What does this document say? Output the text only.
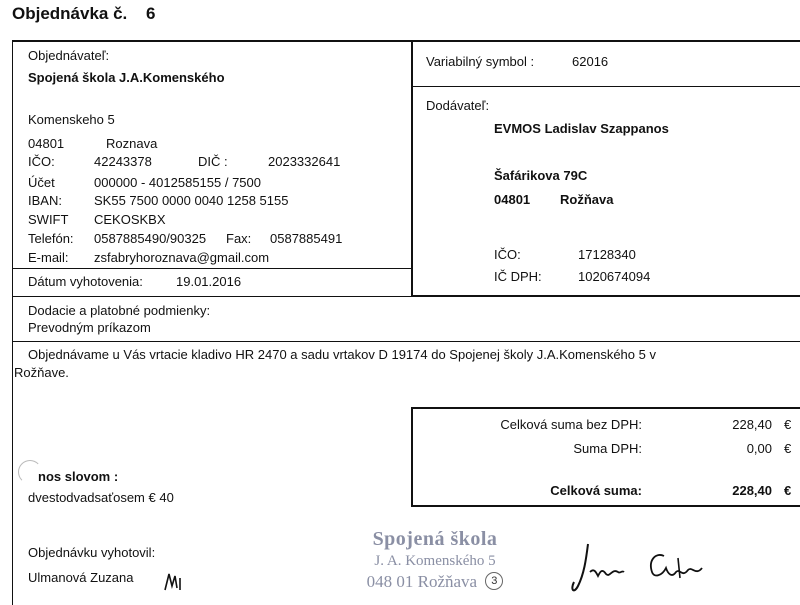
Objednávka č. 6
Objednávateľ:
Spojená škola J.A.Komenského
Komenskeho 5
04801	Roznava
IČO:	42243378	DIČ :	2023332641
Účet	000000 - 4012585155 / 7500
IBAN: SK55 7500 0000 0040 1258 5155
SWIFT CEKOSKBX
Telefón: 0587885490/90325 Fax: 0587885491
E-mail: zsfabryhoroznava@gmail.com
Dátum vyhotovenia:	19.01.2016
Variabilný symbol :	62016
Dodávateľ:
EVMOS Ladislav Szappanos
Šafárikova 79C
04801 Rožňava
IČO:	17128340
IČ DPH:	1020674094
Dodacie a platobné podmienky:
Prevodným príkazom
Objednávame u Vás vrtacie kladivo HR 2470 a sadu vrtakov D 19174 do Spojenej školy J.A.Komenského 5 v
Rožňave.
Celková suma bez DPH:	228,40 €
Suma DPH:	0,00 €
Celková suma:	228,40 €
nos slovom :
dvestodvadsaťosem € 40
Objednávku vyhotovil:
Ulmanová Zuzana
Spojená škola
J. A. Komenského 5
048 01 Rožňava 3
